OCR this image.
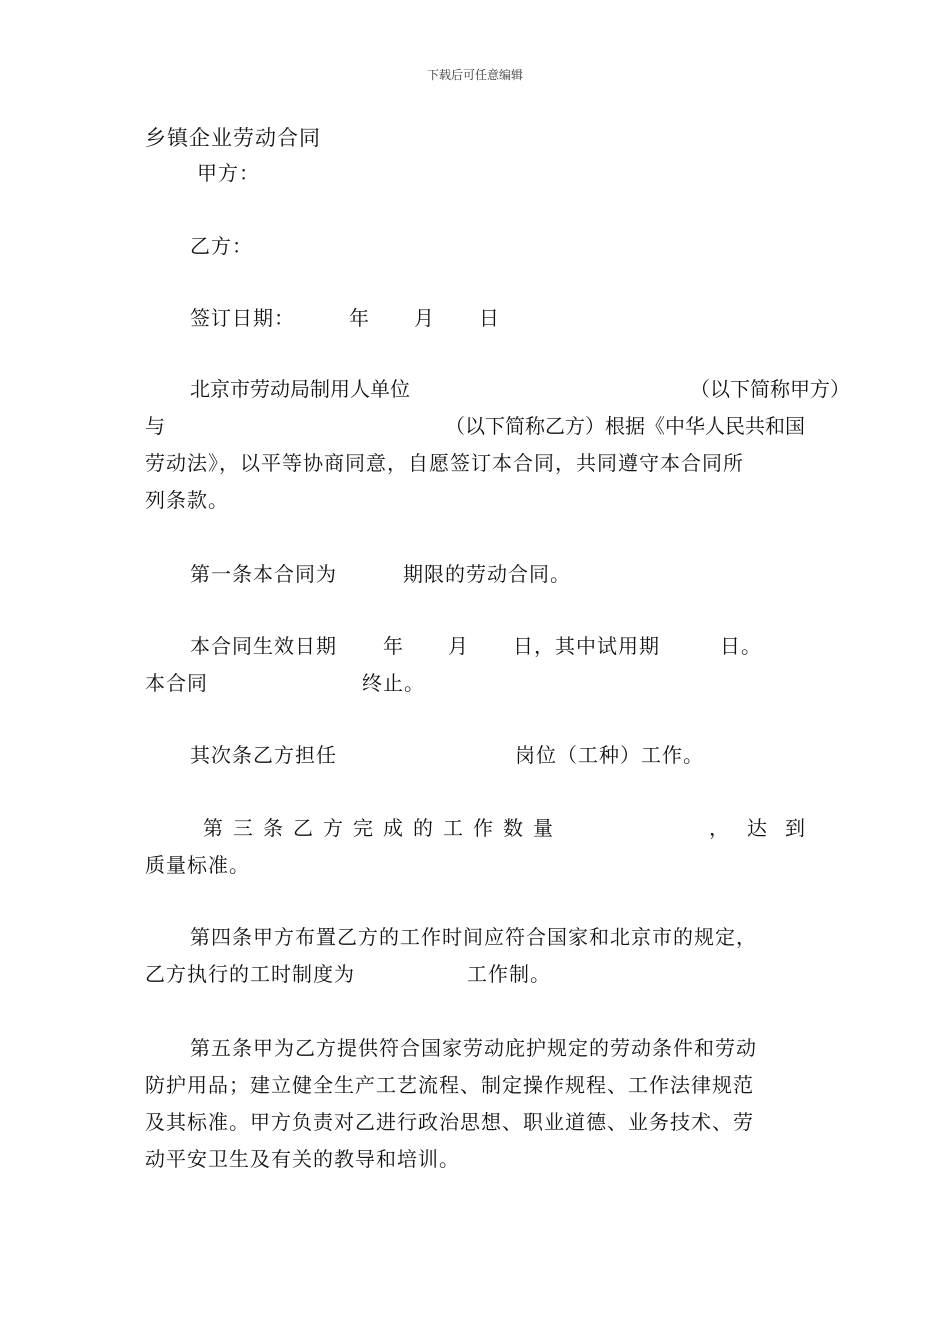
下载后可任意编辑
乡镇企业劳动合同
甲方：
乙方：
签订日期：	年 月 日
北京市劳动局制用人单位	（以下简称甲方）
与	（以下简称乙方）根据《中华人民共和国
劳动法》，以平等协商同意，自愿签订本合同，共同遵守本合同所
列条款。
第一条本合同为	期限的劳动合同。
本合同生效日期 年 月 日，其中试用期	日。
本合同	终止。
其次条乙方担任	岗位（工种）工作。
第 三 条 乙 方 完 成 的 工 作 数 量	， 达 到
质量标准。
第四条甲方布置乙方的工作时间应符合国家和北京市的规定，
乙方执行的工时制度为	工作制。
第五条甲为乙方提供符合国家劳动庇护规定的劳动条件和劳动
防护用品；建立健全生产工艺流程、制定操作规程、工作法律规范
及其标准。甲方负责对乙进行政治思想、职业道德、业务技术、劳
动平安卫生及有关的教导和培训。
